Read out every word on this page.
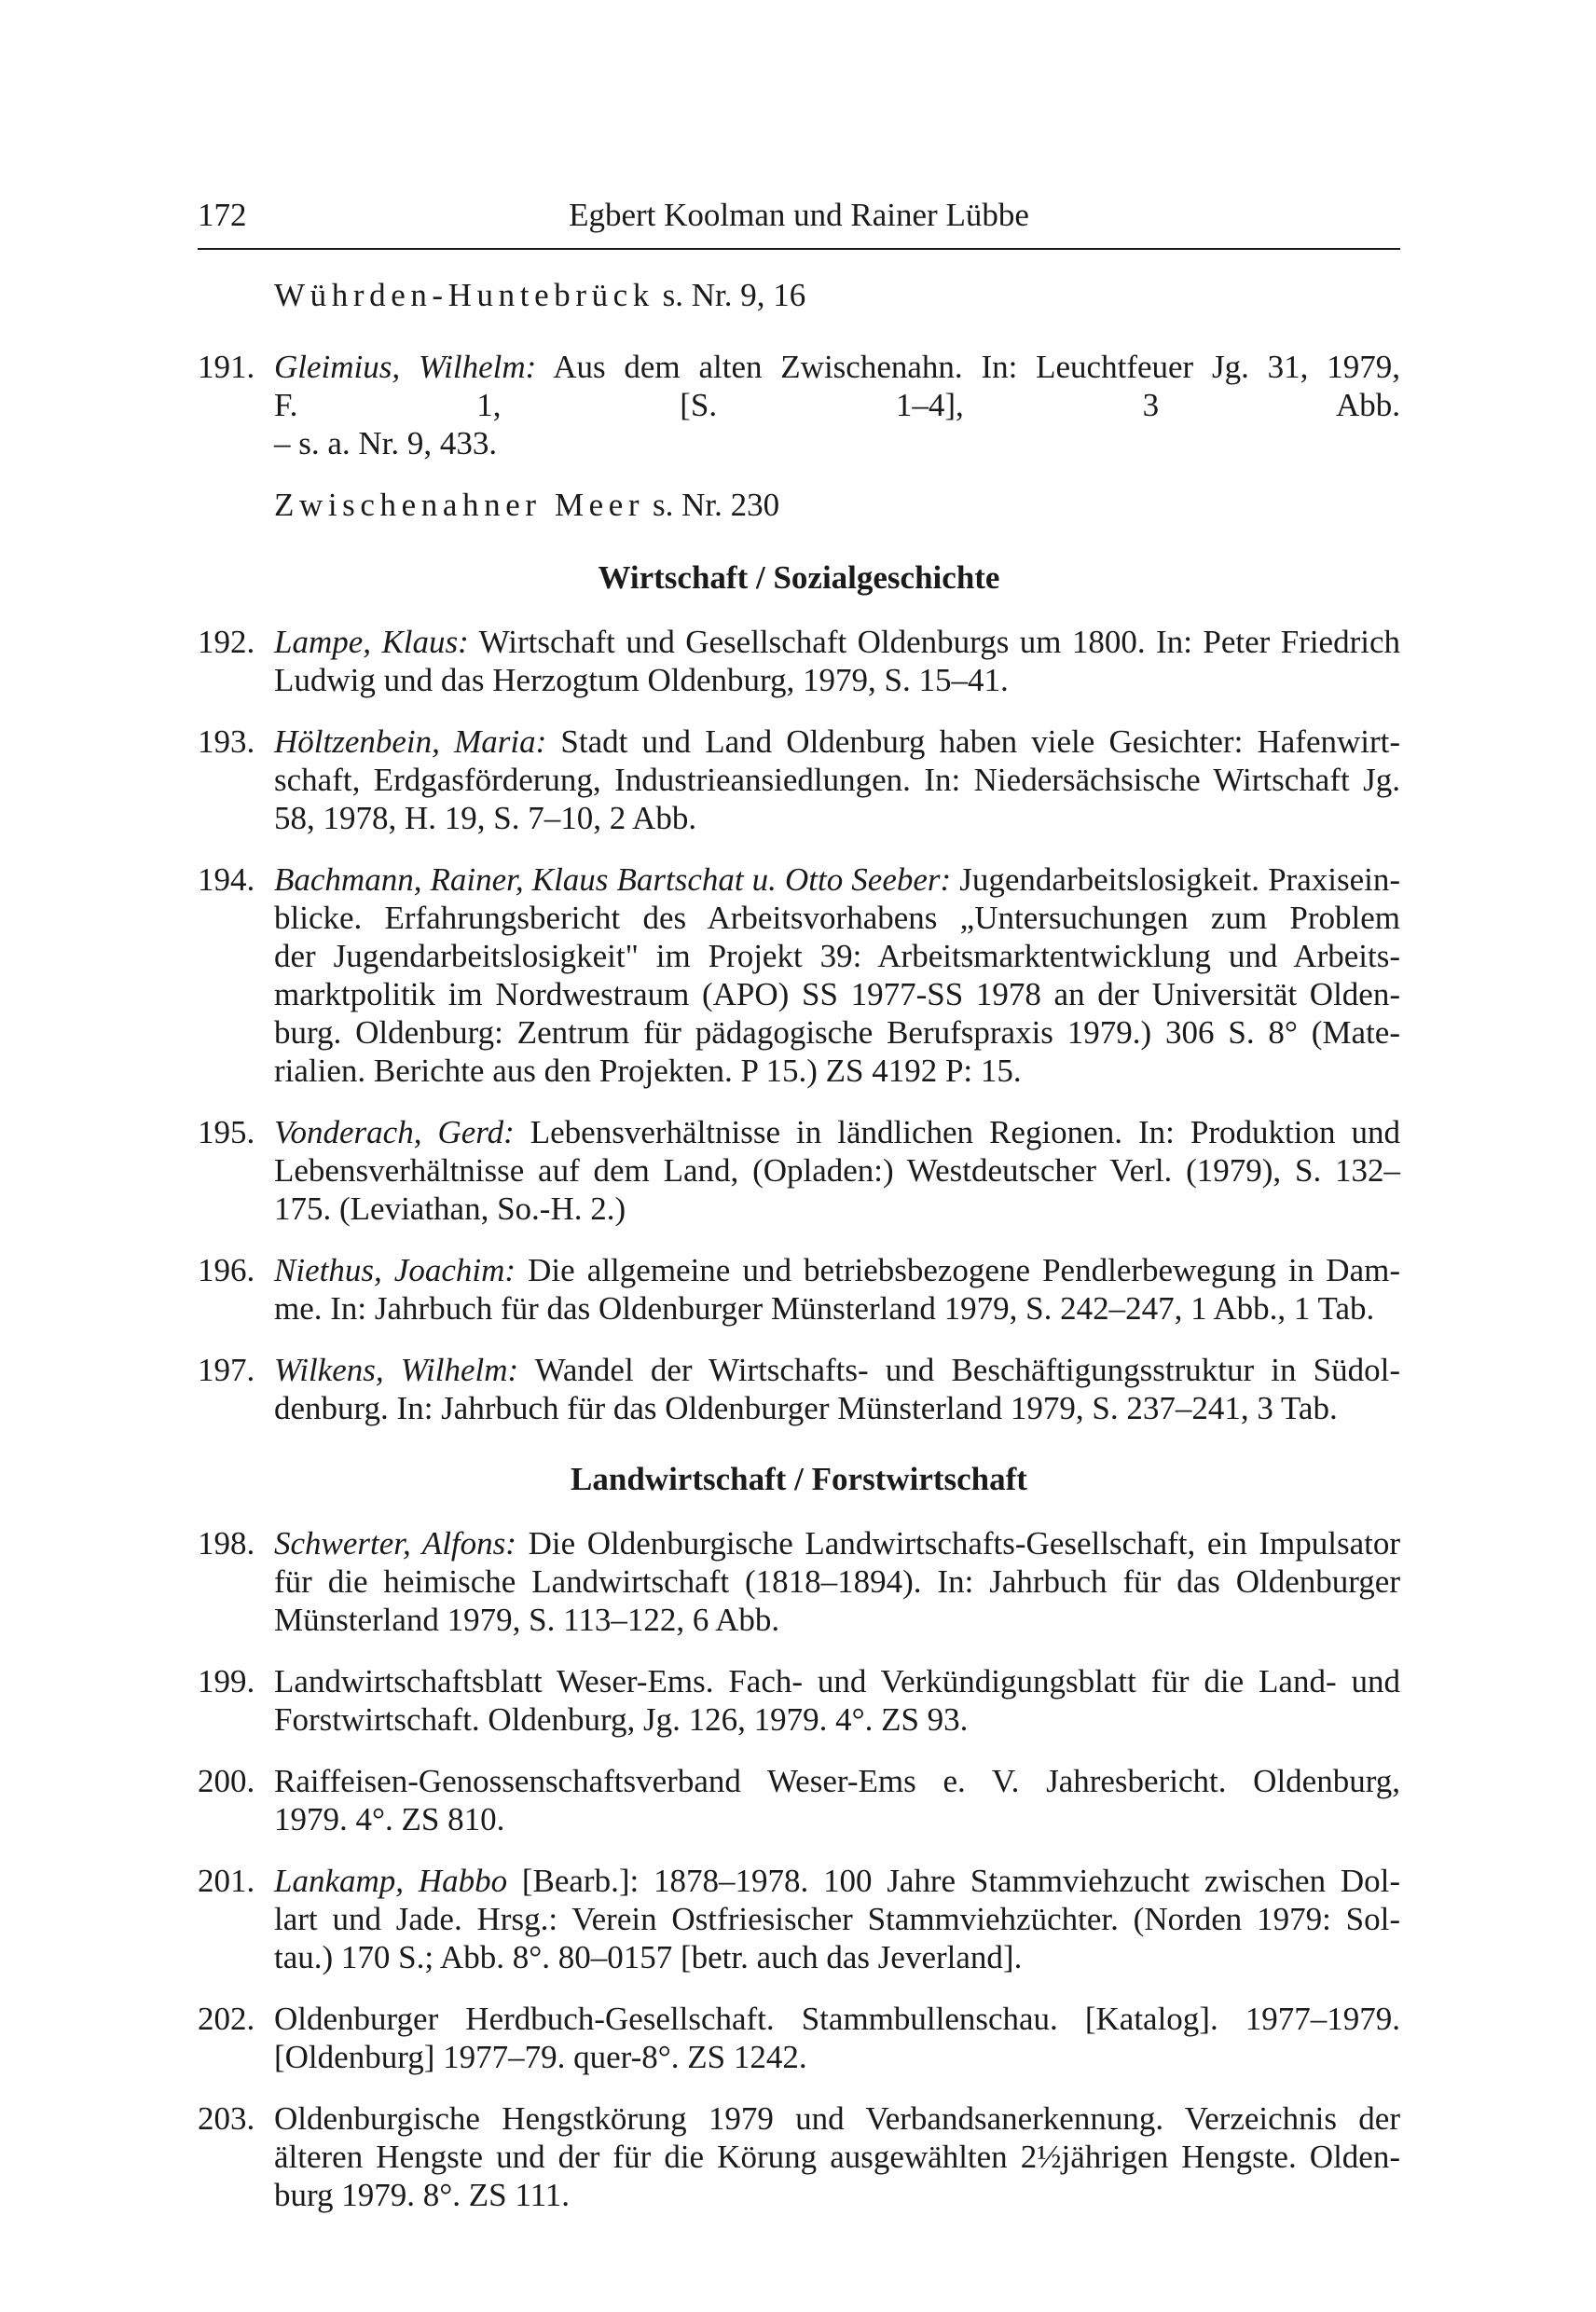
172	Egbert Koolman und Rainer Lübbe
Wührden-Huntebrück s. Nr. 9, 16
191. Gleimius, Wilhelm: Aus dem alten Zwischenahn. In: Leuchtfeuer Jg. 31, 1979,
F. 1, [S. 1–4], 3 Abb.
– s. a. Nr. 9, 433.
Zwischenahner Meer s. Nr. 230
Wirtschaft / Sozialgeschichte
192. Lampe, Klaus: Wirtschaft und Gesellschaft Oldenburgs um 1800. In: Peter Friedrich
Ludwig und das Herzogtum Oldenburg, 1979, S. 15–41.
193. Höltzenbein, Maria: Stadt und Land Oldenburg haben viele Gesichter: Hafenwirt-
schaft, Erdgasförderung, Industrieansiedlungen. In: Niedersächsische Wirtschaft Jg.
58, 1978, H. 19, S. 7–10, 2 Abb.
194. Bachmann, Rainer, Klaus Bartschat u. Otto Seeber: Jugendarbeitslosigkeit. Praxisein-
blicke. Erfahrungsbericht des Arbeitsvorhabens „Untersuchungen zum Problem
der Jugendarbeitslosigkeit" im Projekt 39: Arbeitsmarktentwicklung und Arbeits-
marktpolitik im Nordwestraum (APO) SS 1977-SS 1978 an der Universität Olden-
burg. Oldenburg: Zentrum für pädagogische Berufspraxis 1979.) 306 S. 8° (Mate-
rialien. Berichte aus den Projekten. P 15.) ZS 4192 P: 15.
195. Vonderach, Gerd: Lebensverhältnisse in ländlichen Regionen. In: Produktion und
Lebensverhältnisse auf dem Land, (Opladen:) Westdeutscher Verl. (1979), S. 132–
175. (Leviathan, So.-H. 2.)
196. Niethus, Joachim: Die allgemeine und betriebsbezogene Pendlerbewegung in Dam-
me. In: Jahrbuch für das Oldenburger Münsterland 1979, S. 242–247, 1 Abb., 1 Tab.
197. Wilkens, Wilhelm: Wandel der Wirtschafts- und Beschäftigungsstruktur in Südol-
denburg. In: Jahrbuch für das Oldenburger Münsterland 1979, S. 237–241, 3 Tab.
Landwirtschaft / Forstwirtschaft
198. Schwerter, Alfons: Die Oldenburgische Landwirtschafts-Gesellschaft, ein Impulsator
für die heimische Landwirtschaft (1818–1894). In: Jahrbuch für das Oldenburger
Münsterland 1979, S. 113–122, 6 Abb.
199. Landwirtschaftsblatt Weser-Ems. Fach- und Verkündigungsblatt für die Land- und
Forstwirtschaft. Oldenburg, Jg. 126, 1979. 4°. ZS 93.
200. Raiffeisen-Genossenschaftsverband Weser-Ems e. V. Jahresbericht. Oldenburg,
1979. 4°. ZS 810.
201. Lankamp, Habbo [Bearb.]: 1878–1978. 100 Jahre Stammviehzucht zwischen Dol-
lart und Jade. Hrsg.: Verein Ostfriesischer Stammviehzüchter. (Norden 1979: Sol-
tau.) 170 S.; Abb. 8°. 80–0157 [betr. auch das Jeverland].
202. Oldenburger Herdbuch-Gesellschaft. Stammbullenschau. [Katalog]. 1977–1979.
[Oldenburg] 1977–79. quer-8°. ZS 1242.
203. Oldenburgische Hengstkörung 1979 und Verbandsanerkennung. Verzeichnis der
älteren Hengste und der für die Körung ausgewählten 2½jährigen Hengste. Olden-
burg 1979. 8°. ZS 111.
